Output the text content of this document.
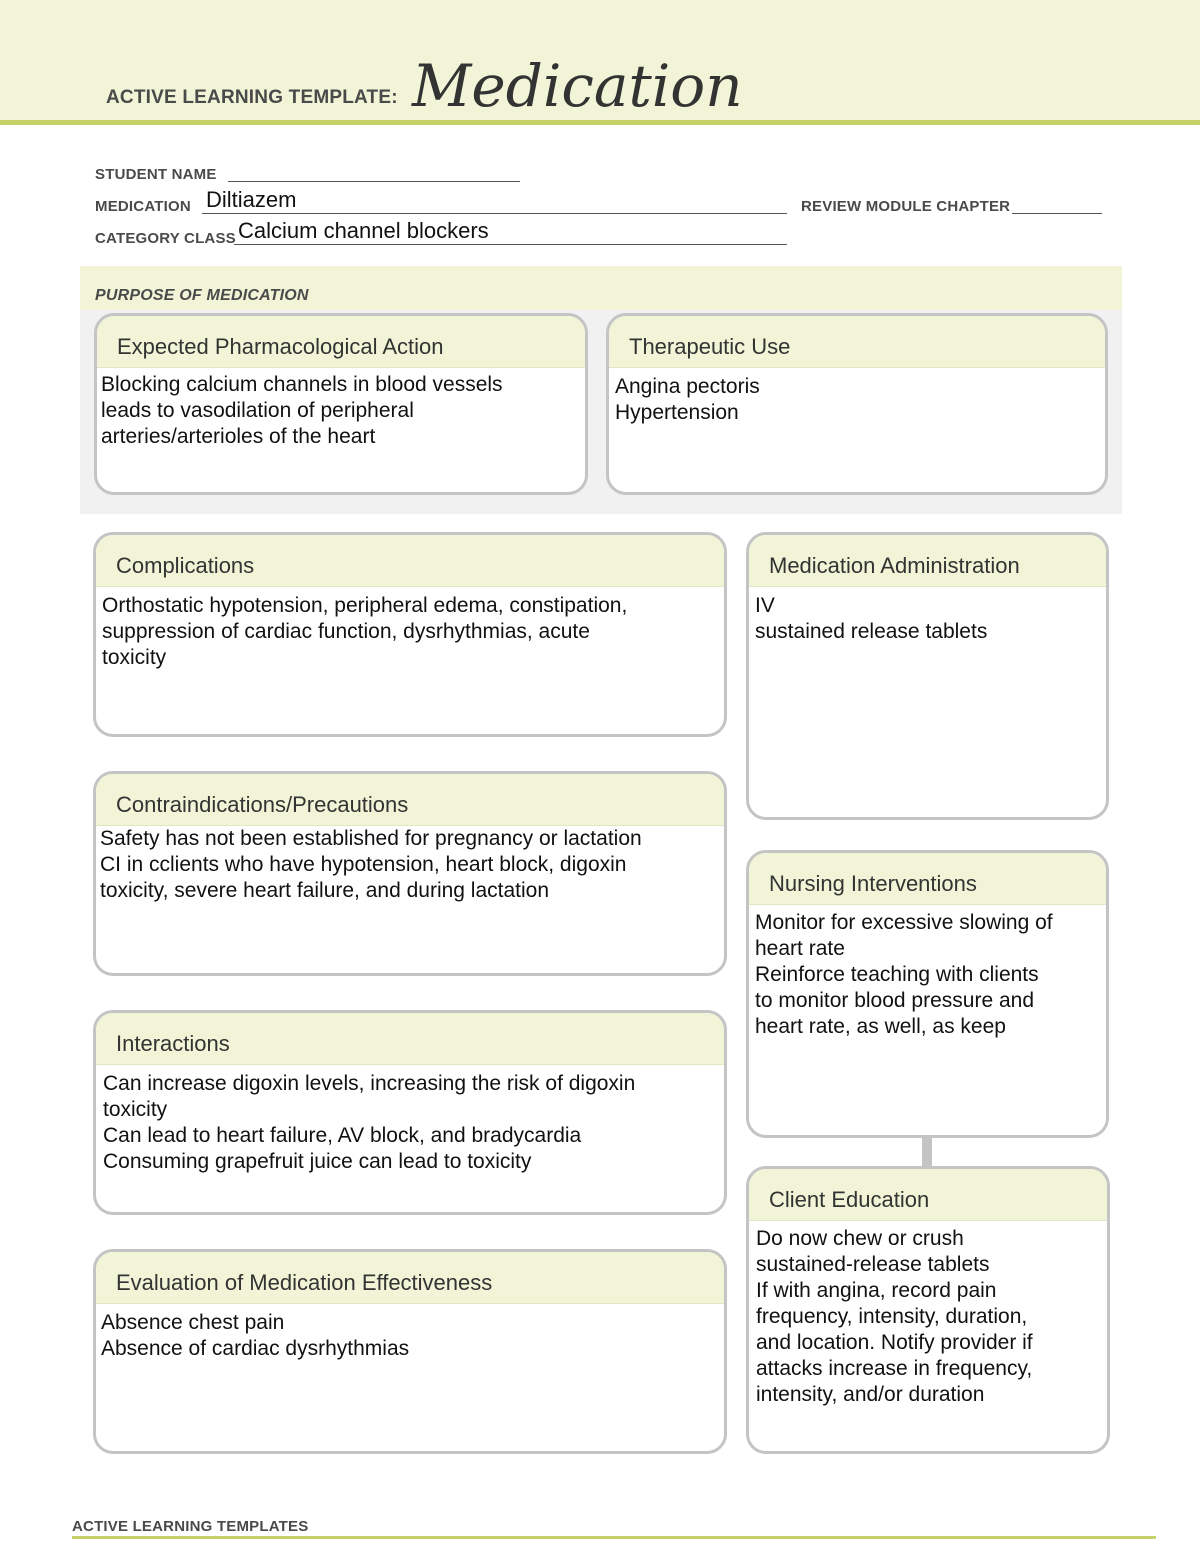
ACTIVE LEARNING TEMPLATE: Medication
STUDENT NAME
MEDICATION Diltiazem	REVIEW MODULE CHAPTER
CATEGORY CLASS Calcium channel blockers
PURPOSE OF MEDICATION
Expected Pharmacological Action
Blocking calcium channels in blood vessels
leads to vasodilation of peripheral
arteries/arterioles of the heart
Therapeutic Use
Angina pectoris
Hypertension
Complications
Orthostatic hypotension, peripheral edema, constipation,
suppression of cardiac function, dysrhythmias, acute
toxicity
Contraindications/Precautions
Safety has not been established for pregnancy or lactation
CI in cclients who have hypotension, heart block, digoxin
toxicity, severe heart failure, and during lactation
Interactions
Can increase digoxin levels, increasing the risk of digoxin
toxicity
Can lead to heart failure, AV block, and bradycardia
Consuming grapefruit juice can lead to toxicity
Evaluation of Medication Effectiveness
Absence chest pain
Absence of cardiac dysrhythmias
Medication Administration
IV
sustained release tablets
Nursing Interventions
Monitor for excessive slowing of
heart rate
Reinforce teaching with clients
to monitor blood pressure and
heart rate, as well, as keep
Client Education
Do now chew or crush
sustained-release tablets
If with angina, record pain
frequency, intensity, duration,
and location. Notify provider if
attacks increase in frequency,
intensity, and/or duration
ACTIVE LEARNING TEMPLATES
